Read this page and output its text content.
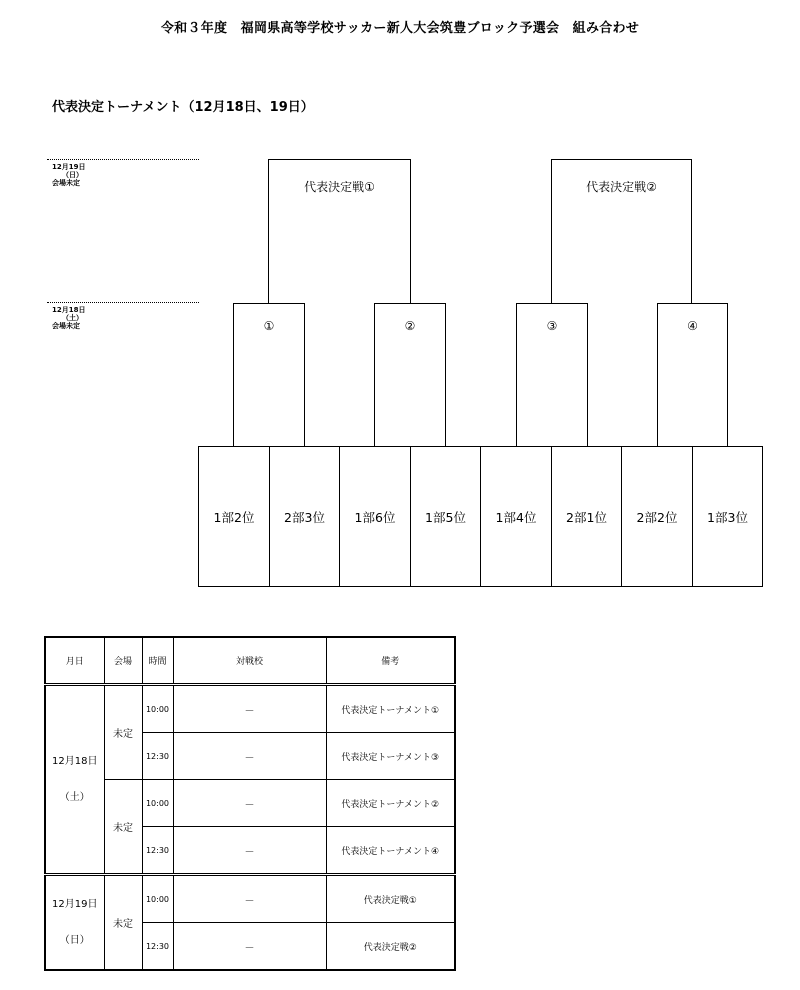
令和３年度　福岡県高等学校サッカー新人大会筑豊ブロック予選会　組み合わせ
代表決定トーナメント（12月18日、19日）
12月19日
（日）
会場未定
12月18日
（土）
会場未定
代表決定戦①	代表決定戦②
①	②	③	④
1部2位	2部3位	1部6位	1部5位	1部4位	2部1位	2部2位	1部3位
月日	会場	時間	対戦校	備考
12月18日
（土）	未定	10:00	－	代表決定トーナメント①
		12:30	－	代表決定トーナメント③
	未定	10:00	－	代表決定トーナメント②
		12:30	－	代表決定トーナメント④
12月19日
（日）	未定	10:00	－	代表決定戦①
		12:30	－	代表決定戦②
